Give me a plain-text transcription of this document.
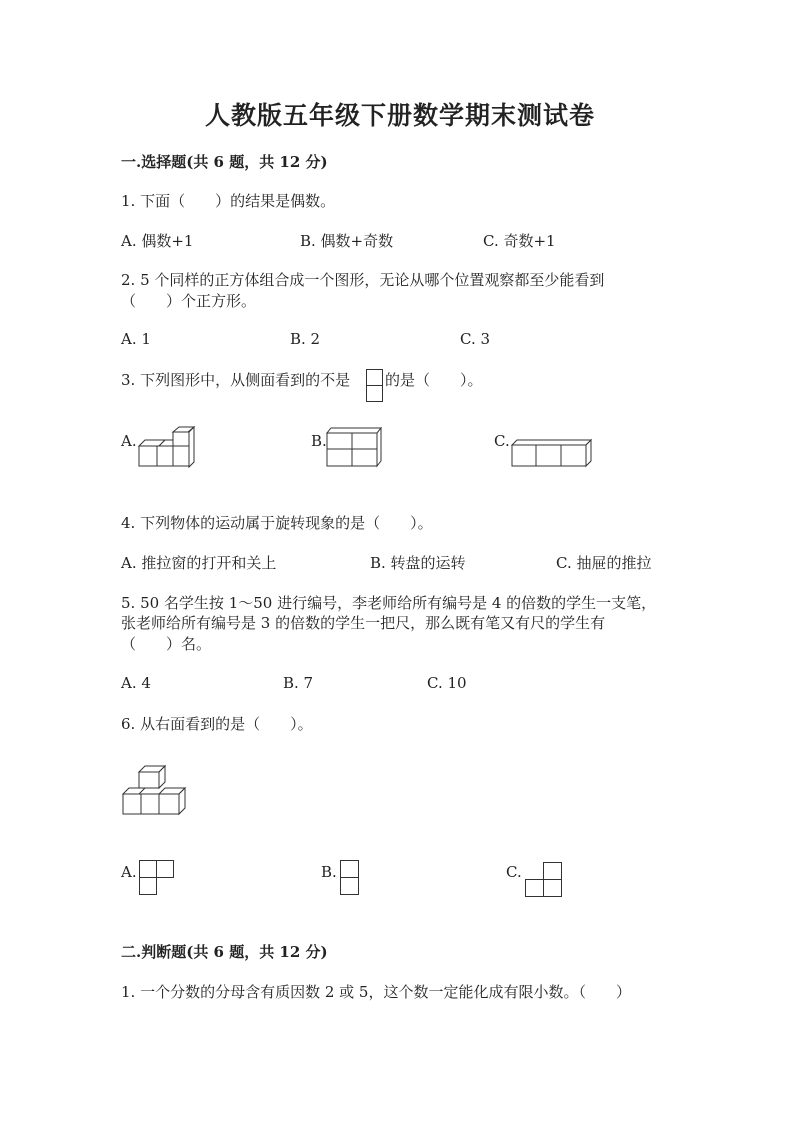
人教版五年级下册数学期末测试卷
一.选择题(共 6 题，共 12 分)
1. 下面（　　）的结果是偶数。
A. 偶数+1	B. 偶数+奇数	C. 奇数+1
2. 5 个同样的正方体组合成一个图形，无论从哪个位置观察都至少能看到
（　　）个正方形。
A. 1	B. 2	C. 3
3. 下列图形中，从侧面看到的不是 的是（　　）。
A.	B.	C.
4. 下列物体的运动属于旋转现象的是（　　）。
A. 推拉窗的打开和关上	B. 转盘的运转	C. 抽屉的推拉
5. 50 名学生按 1～50 进行编号，李老师给所有编号是 4 的倍数的学生一支笔，
张老师给所有编号是 3 的倍数的学生一把尺，那么既有笔又有尺的学生有
（　　）名。
A. 4	B. 7	C. 10
6. 从右面看到的是（　　）。
A.	B.	C.
二.判断题(共 6 题，共 12 分)
1. 一个分数的分母含有质因数 2 或 5，这个数一定能化成有限小数。（　　）
